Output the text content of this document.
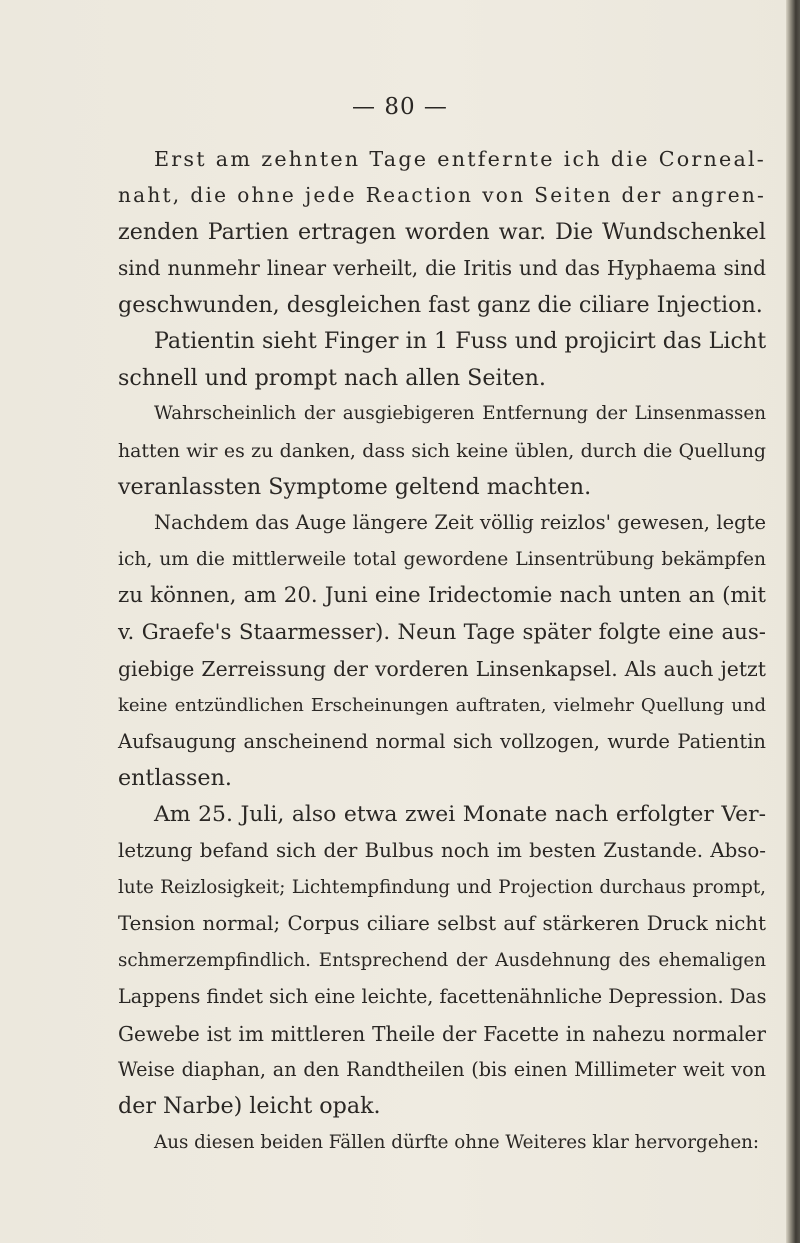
— 80 —
Erst am zehnten Tage entfernte ich die Corneal-
naht, die ohne jede Reaction von Seiten der angren-
zenden Partien ertragen worden war. Die Wundschenkel
sind nunmehr linear verheilt, die Iritis und das Hyphaema sind
geschwunden, desgleichen fast ganz die ciliare Injection.
Patientin sieht Finger in 1 Fuss und projicirt das Licht
schnell und prompt nach allen Seiten.
Wahrscheinlich der ausgiebigeren Entfernung der Linsenmassen
hatten wir es zu danken, dass sich keine üblen, durch die Quellung
veranlassten Symptome geltend machten.
Nachdem das Auge längere Zeit völlig reizlos' gewesen, legte
ich, um die mittlerweile total gewordene Linsentrübung bekämpfen
zu können, am 20. Juni eine Iridectomie nach unten an (mit
v. Graefe's Staarmesser). Neun Tage später folgte eine aus-
giebige Zerreissung der vorderen Linsenkapsel. Als auch jetzt
keine entzündlichen Erscheinungen auftraten, vielmehr Quellung und
Aufsaugung anscheinend normal sich vollzogen, wurde Patientin
entlassen.
Am 25. Juli, also etwa zwei Monate nach erfolgter Ver-
letzung befand sich der Bulbus noch im besten Zustande. Abso-
lute Reizlosigkeit; Lichtempfindung und Projection durchaus prompt,
Tension normal; Corpus ciliare selbst auf stärkeren Druck nicht
schmerzempfindlich. Entsprechend der Ausdehnung des ehemaligen
Lappens findet sich eine leichte, facettenähnliche Depression. Das
Gewebe ist im mittleren Theile der Facette in nahezu normaler
Weise diaphan, an den Randtheilen (bis einen Millimeter weit von
der Narbe) leicht opak.
Aus diesen beiden Fällen dürfte ohne Weiteres klar hervorgehen:
